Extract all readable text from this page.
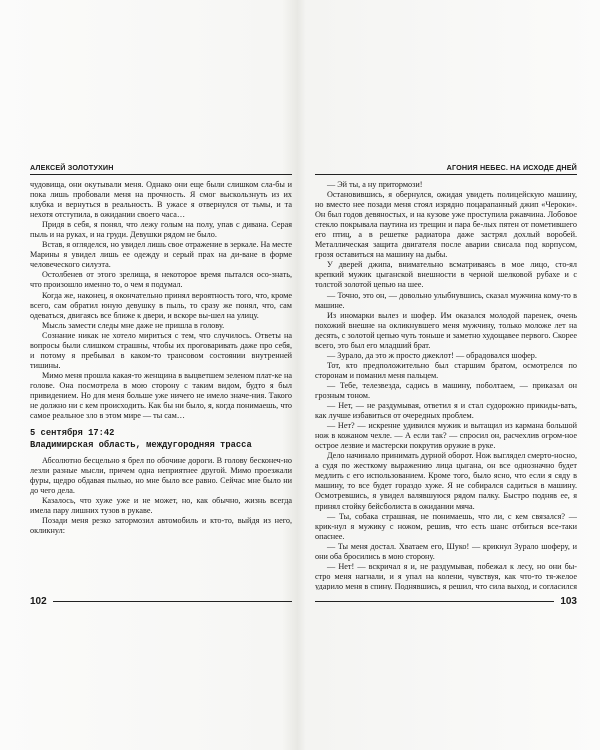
АЛЕКСЕЙ ЗОЛОТУХИН

чудовища, они окутывали меня. Однако они еще были слишком сла-бы и пока лишь пробовали меня на прочность. Я смог выскользнуть из их клубка и вернуться в реальность. В ужасе я отвернулся от тьмы, и та нехотя отступила, в ожидании своего часа…

Придя в себя, я понял, что лежу голым на полу, упав с дивана. Серая пыль и на руках, и на груди. Девушки рядом не было.

Встав, я огляделся, но увидел лишь свое отражение в зеркале. На месте Марины я увидел лишь ее одежду и серый прах на ди-ване в форме человеческого силуэта.

Остолбенев от этого зрелища, я некоторое время пытался осо-знать, что произошло именно то, о чем я подумал.

Когда же, наконец, я окончательно принял вероятность того, что, кроме всего, сам обратил юную девушку в пыль, то сразу же понял, что, сам одеваться, двигаясь все ближе к двери, и вскоре вы-шел на улицу.

Мысль замести следы мне даже не пришла в голову.

Сознание никак не хотело мириться с тем, что случилось. Ответы на вопросы были слишком страшны, чтобы их проговаривать даже про себя, и потому я пребывал в каком-то трансовом состоянии внутренней тишины.

Мимо меня прошла какая-то женщина в выцветшем зеленом плат-ке на голове. Она посмотрела в мою сторону с таким видом, будто я был привидением. Но для меня больше уже ничего не имело значе-ния. Такого не должно ни с кем происходить. Как бы ни было, я, когда понимаешь, что самое реальное зло в этом мире — ты сам…

5 сентября 17:42
Владимирская область, междугородняя трасса

Абсолютно бесцельно я брел по обочине дороги. В голову бесконеч-но лезли разные мысли, причем одна неприятнее другой. Мимо проезжали фуры, щедро обдавая пылью, но мне было все равно. Сейчас мне было ни до чего дела.

Казалось, что хуже уже и не может, но, как обычно, жизнь всегда имела пару лишних тузов в рукаве.

Позади меня резко затормозил автомобиль и кто-то, выйдя из него, окликнул:

102
АГОНИЯ НЕБЕС. НА ИСХОДЕ ДНЕЙ

— Эй ты, а ну притормози!

Остановившись, я обернулся, ожидая увидеть полицейскую машину, но вместо нее позади меня стоял изрядно поцарапанный джип «Чероки». Он был годов девяностых, и на кузове уже проступила ржавчина. Лобовое стекло покрывала паутина из трещин и пара бе-лых пятен от пометившего его птиц, а в решетке радиатора даже застрял дохлый воробей. Металлическая защита двигателя после аварии свисала под корпусом, грозя оставиться на машину на дыбы.

У дверей джипа, внимательно всматриваясь в мое лицо, сто-ял крепкий мужик цыганской внешности в черной шелковой рубахе и с толстой золотой цепью на шее.

— Точно, это он, — довольно улыбнувшись, сказал мужчина кому-то в машине.

Из иномарки вылез и шофер. Им оказался молодой паренек, очень похожий внешне на окликнувшего меня мужчину, только моложе лет на десять, с золотой цепью чуть тоньше и заметно худощавее первого. Скорее всего, это был его младший брат.

— Зурало, да это ж просто джеклот! — обрадовался шофер.

Тот, кто предположительно был старшим братом, осмотрелся по сторонам и поманил меня пальцем.

— Тебе, телезвезда, садись в машину, поболтаем, — приказал он грозным тоном.

— Нет, — не раздумывая, ответил я и стал судорожно прикиды-вать, как лучше избавиться от очередных проблем.

— Нет? — искренне удивился мужик и вытащил из кармана большой нож в кожаном чехле. — А если так? — спросил он, расчехлив огром-ное острое лезвие и мастерски покрутив оружие в руке.

Дело начинало принимать дурной оборот. Нож выглядел смерто-носно, а судя по жесткому выражению лица цыгана, он все однозначно будет медлить с его использованием. Кроме того, было ясно, что если я сяду в машину, то все будет гораздо хуже. Я не собирался садиться в машину. Осмотревшись, я увидел валявшуюся рядом палку. Быстро подняв ее, я принял стойку бейсболиста в ожидании мяча.

— Ты, собака страшная, не понимаешь, что ли, с кем связался? — крик-нул я мужику с ножом, решив, что есть шанс отбиться все-таки опаснее.

— Ты меня достал. Хватаем его, Шуко! — крикнул Зурало шоферу, и они оба бросились в мою сторону.

— Нет! — вскричал я и, не раздумывая, побежал к лесу, но они бы-стро меня нагнали, и я упал на колени, чувствуя, как что-то тя-желое ударило меня в спину. Поднявшись, я решил, что сила выход, и согласился

103
